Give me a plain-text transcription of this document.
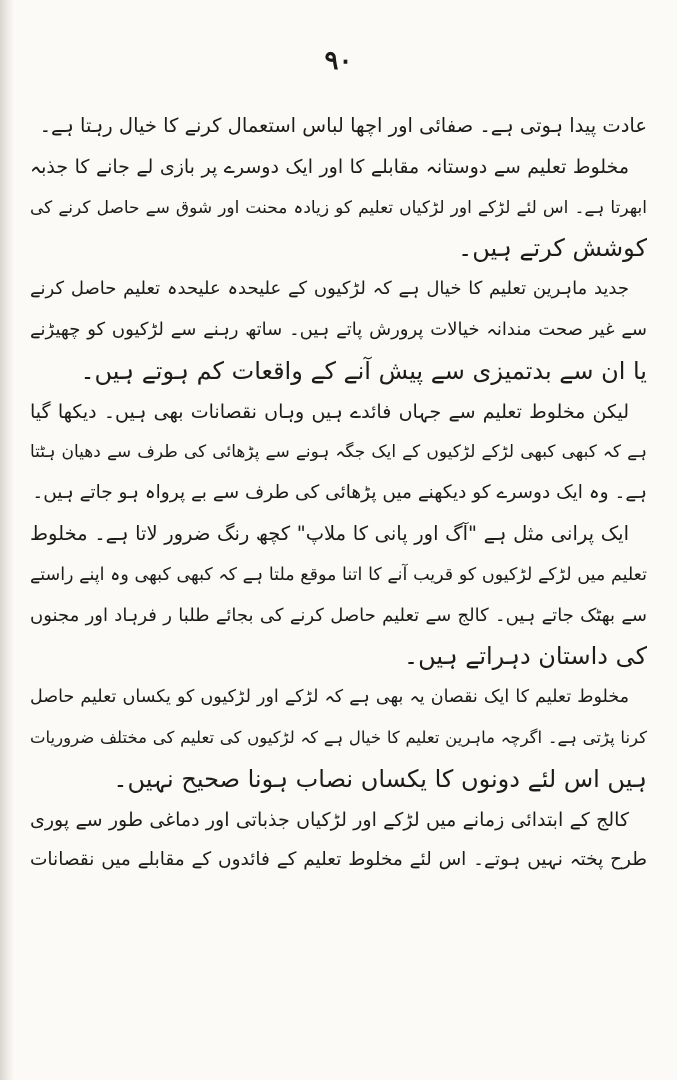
۹۰
عادت پیدا ہوتی ہے۔ صفائی اور اچھا لباس استعمال کرنے کا خیال رہتا ہے۔
مخلوط تعلیم سے دوستانہ مقابلے کا اور ایک دوسرے پر بازی لے جانے کا جذبہ
ابھرتا ہے۔ اس لئے لڑکے اور لڑکیاں تعلیم کو زیادہ محنت اور شوق سے حاصل کرنے کی
کوشش کرتے ہیں۔
جدید ماہرین تعلیم کا خیال ہے کہ لڑکیوں کے علیحدہ علیحدہ تعلیم حاصل کرنے
سے غیر صحت مندانہ خیالات پرورش پاتے ہیں۔ ساتھ رہنے سے لڑکیوں کو چھیڑنے
یا ان سے بدتمیزی سے پیش آنے کے واقعات کم ہوتے ہیں۔
لیکن مخلوط تعلیم سے جہاں فائدے ہیں وہاں نقصانات بھی ہیں۔ دیکھا گیا
ہے کہ کبھی کبھی لڑکے لڑکیوں کے ایک جگہ ہونے سے پڑھائی کی طرف سے دھیان ہٹتا
ہے۔ وہ ایک دوسرے کو دیکھنے میں پڑھائی کی طرف سے بے پرواہ ہو جاتے ہیں۔
ایک پرانی مثل ہے "آگ اور پانی کا ملاپ" کچھ رنگ ضرور لاتا ہے۔ مخلوط
تعلیم میں لڑکے لڑکیوں کو قریب آنے کا اتنا موقع ملتا ہے کہ کبھی کبھی وہ اپنے راستے
سے بھٹک جاتے ہیں۔ کالج سے تعلیم حاصل کرنے کی بجائے طلبا ر فرہاد اور مجنوں
کی داستان دہراتے ہیں۔
مخلوط تعلیم کا ایک نقصان یہ بھی ہے کہ لڑکے اور لڑکیوں کو یکساں تعلیم حاصل
کرنا پڑتی ہے۔ اگرچہ ماہرین تعلیم کا خیال ہے کہ لڑکیوں کی تعلیم کی مختلف ضروریات
ہیں اس لئے دونوں کا یکساں نصاب ہونا صحیح نہیں۔
کالج کے ابتدائی زمانے میں لڑکے اور لڑکیاں جذباتی اور دماغی طور سے پوری
طرح پختہ نہیں ہوتے۔ اس لئے مخلوط تعلیم کے فائدوں کے مقابلے میں نقصانات
